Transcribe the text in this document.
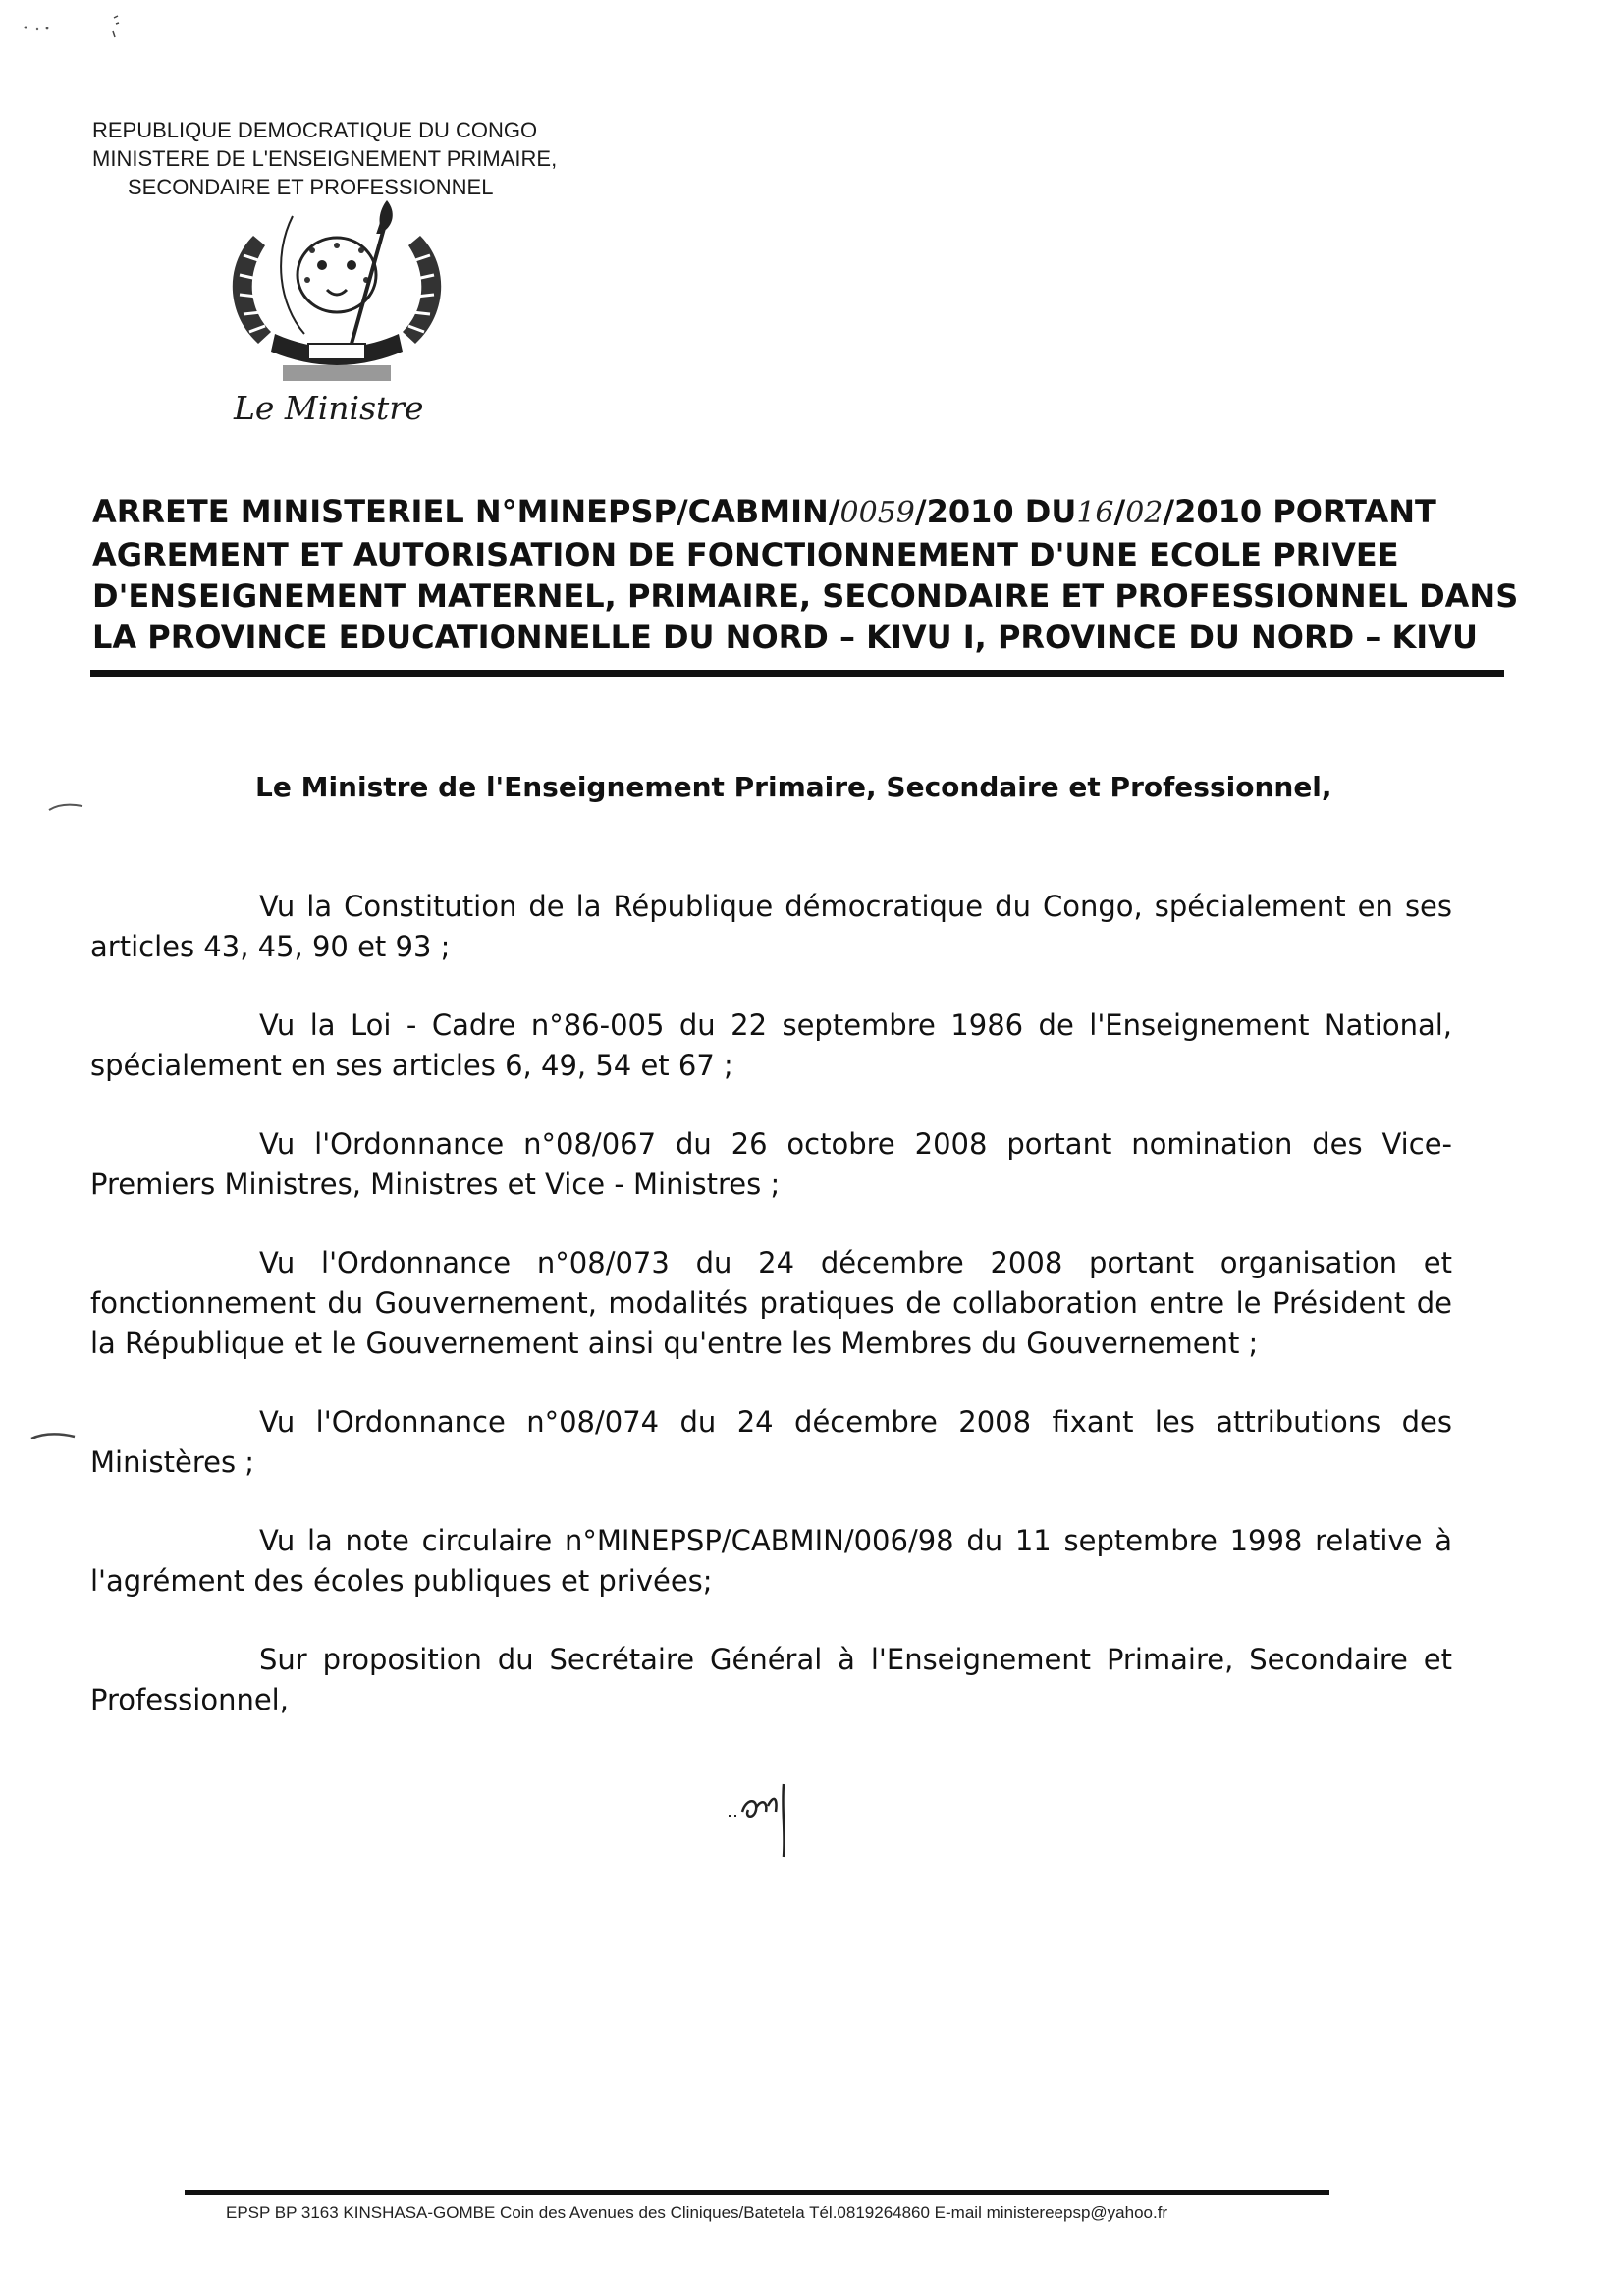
REPUBLIQUE DEMOCRATIQUE DU CONGO
MINISTERE DE L'ENSEIGNEMENT PRIMAIRE,
SECONDAIRE ET PROFESSIONNEL
Le Ministre
ARRETE MINISTERIEL N°MINEPSP/CABMIN/0059/2010 DU16/02/2010 PORTANT
AGREMENT ET AUTORISATION DE FONCTIONNEMENT D'UNE ECOLE PRIVEE
D'ENSEIGNEMENT MATERNEL, PRIMAIRE, SECONDAIRE ET PROFESSIONNEL DANS
LA PROVINCE EDUCATIONNELLE DU NORD – KIVU I, PROVINCE DU NORD – KIVU
Le Ministre de l'Enseignement Primaire, Secondaire et Professionnel,

Vu la Constitution de la République démocratique du Congo, spécialement en ses articles 43, 45, 90 et 93 ;

Vu la Loi - Cadre n°86-005 du 22 septembre 1986 de l'Enseignement National, spécialement en ses articles 6, 49, 54 et 67 ;

Vu l'Ordonnance n°08/067 du 26 octobre 2008 portant nomination des Vice-Premiers Ministres, Ministres et Vice - Ministres ;

Vu l'Ordonnance n°08/073 du 24 décembre 2008 portant organisation et fonctionnement du Gouvernement, modalités pratiques de collaboration entre le Président de la République et le Gouvernement ainsi qu'entre les Membres du Gouvernement ;

Vu l'Ordonnance n°08/074 du 24 décembre 2008 fixant les attributions des Ministères ;

Vu la note circulaire n°MINEPSP/CABMIN/006/98 du 11 septembre 1998 relative à l'agrément des écoles publiques et privées;

Sur proposition du Secrétaire Général à l'Enseignement Primaire, Secondaire et Professionnel,

EPSP BP 3163 KINSHASA-GOMBE Coin des Avenues des Cliniques/Batetela Tél.0819264860 E-mail ministereepsp@yahoo.fr
